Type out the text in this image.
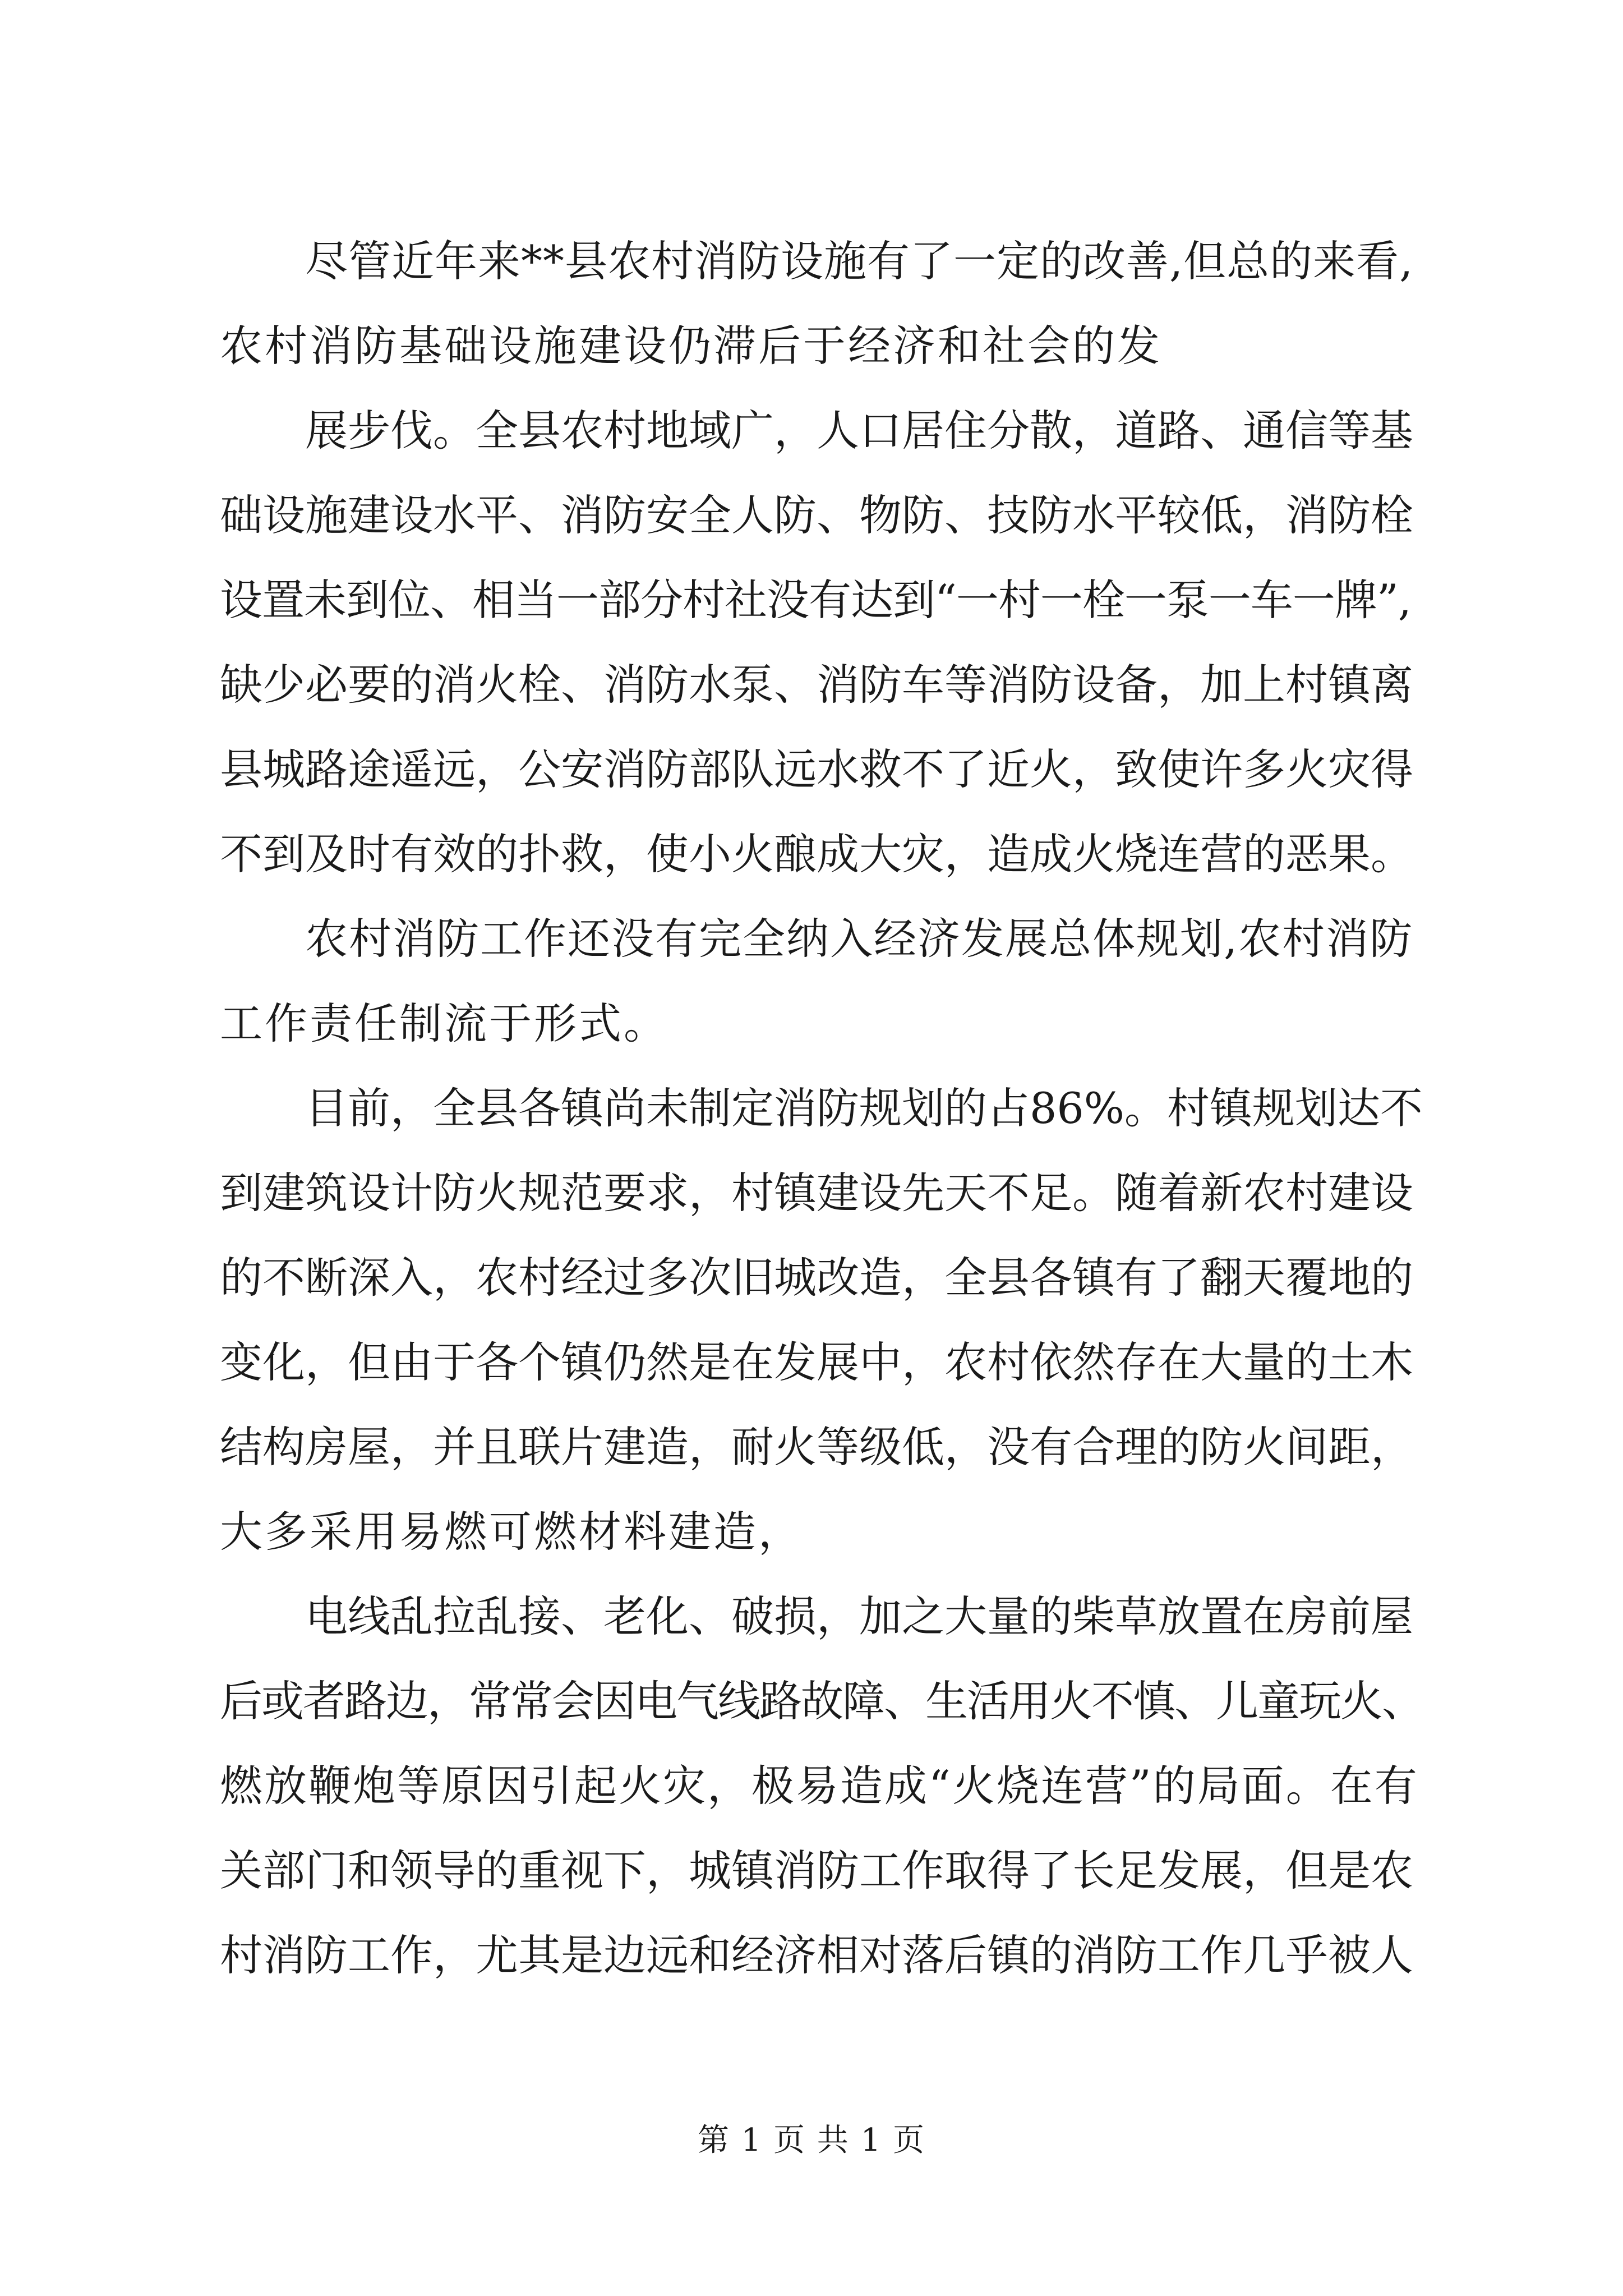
尽管近年来**县农村消防设施有了一定的改善,但总的来看,
农村消防基础设施建设仍滞后于经济和社会的发
展步伐。全县农村地域广，人口居住分散，道路、通信等基
础设施建设水平、消防安全人防、物防、技防水平较低，消防栓
设置未到位、相当一部分村社没有达到“一村一栓一泵一车一牌”,
缺少必要的消火栓、消防水泵、消防车等消防设备，加上村镇离
县城路途遥远，公安消防部队远水救不了近火，致使许多火灾得
不到及时有效的扑救，使小火酿成大灾，造成火烧连营的恶果。
农村消防工作还没有完全纳入经济发展总体规划,农村消防
工作责任制流于形式。
目前，全县各镇尚未制定消防规划的占86%。村镇规划达不
到建筑设计防火规范要求，村镇建设先天不足。随着新农村建设
的不断深入，农村经过多次旧城改造，全县各镇有了翻天覆地的
变化，但由于各个镇仍然是在发展中，农村依然存在大量的土木
结构房屋，并且联片建造，耐火等级低，没有合理的防火间距，
大多采用易燃可燃材料建造，
电线乱拉乱接、老化、破损，加之大量的柴草放置在房前屋
后或者路边，常常会因电气线路故障、生活用火不慎、儿童玩火、
燃放鞭炮等原因引起火灾，极易造成“火烧连营”的局面。在有
关部门和领导的重视下，城镇消防工作取得了长足发展，但是农
村消防工作，尤其是边远和经济相对落后镇的消防工作几乎被人
第 1 页 共 1 页
